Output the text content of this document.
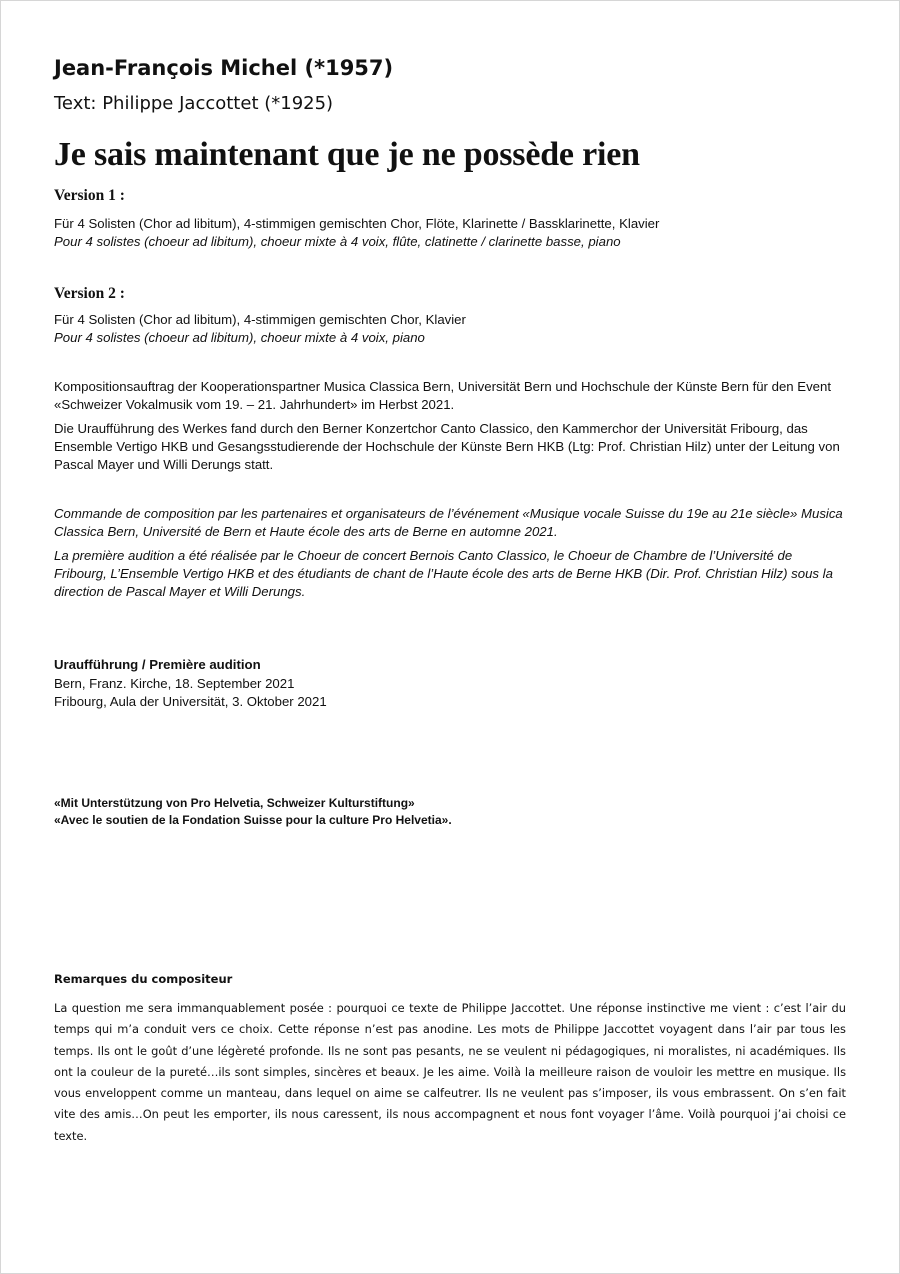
Jean-François Michel (*1957)
Text: Philippe Jaccottet (*1925)
Je sais maintenant que je ne possède rien
Version 1 :
Für 4 Solisten (Chor ad libitum), 4-stimmigen gemischten Chor, Flöte, Klarinette / Bassklarinette, Klavier
Pour 4 solistes (choeur ad libitum), choeur mixte à 4 voix, flûte, clatinette / clarinette basse, piano
Version 2 :
Für 4 Solisten (Chor ad libitum), 4-stimmigen gemischten Chor, Klavier
Pour 4 solistes (choeur ad libitum), choeur mixte à 4 voix, piano
Kompositionsauftrag der Kooperationspartner Musica Classica Bern, Universität Bern und Hochschule der Künste Bern für den Event «Schweizer Vokalmusik vom 19. – 21. Jahrhundert» im Herbst 2021.
Die Uraufführung des Werkes fand durch den Berner Konzertchor Canto Classico, den Kammerchor der Universität Fribourg, das Ensemble Vertigo HKB und Gesangsstudierende der Hochschule der Künste Bern HKB (Ltg: Prof. Christian Hilz) unter der Leitung von Pascal Mayer und Willi Derungs statt.
Commande de composition par les partenaires et organisateurs de l’événement «Musique vocale Suisse du 19e au 21e siècle» Musica Classica Bern, Université de Bern et Haute école des arts de Berne en automne 2021.
La première audition a été réalisée par le Choeur de concert Bernois Canto Classico, le Choeur de Chambre de l’Université de Fribourg, L’Ensemble Vertigo HKB et des étudiants de chant de l’Haute école des arts de Berne HKB (Dir. Prof. Christian Hilz) sous la direction de Pascal Mayer et Willi Derungs.
Uraufführung / Première audition
Bern, Franz. Kirche, 18. September 2021
Fribourg, Aula der Universität, 3. Oktober 2021
«Mit Unterstützung von Pro Helvetia, Schweizer Kulturstiftung»
«Avec le soutien de la Fondation Suisse pour la culture Pro Helvetia».
Remarques du compositeur
La question me sera immanquablement posée : pourquoi ce texte de Philippe Jaccottet. Une réponse instinctive me vient : c’est l’air du temps qui m’a conduit vers ce choix. Cette réponse n’est pas anodine. Les mots de Philippe Jaccottet voyagent dans l’air par tous les temps. Ils ont le goût d’une légèreté profonde. Ils ne sont pas pesants, ne se veulent ni pédagogiques, ni moralistes, ni académiques. Ils ont la couleur de la pureté…ils sont simples, sincères et beaux. Je les aime. Voilà la meilleure raison de vouloir les mettre en musique. Ils vous enveloppent comme un manteau, dans lequel on aime se calfeutrer. Ils ne veulent pas s’imposer, ils vous embrassent. On s’en fait vite des amis…On peut les emporter, ils nous caressent, ils nous accompagnent et nous font voyager l’âme. Voilà pourquoi j’ai choisi ce texte.
